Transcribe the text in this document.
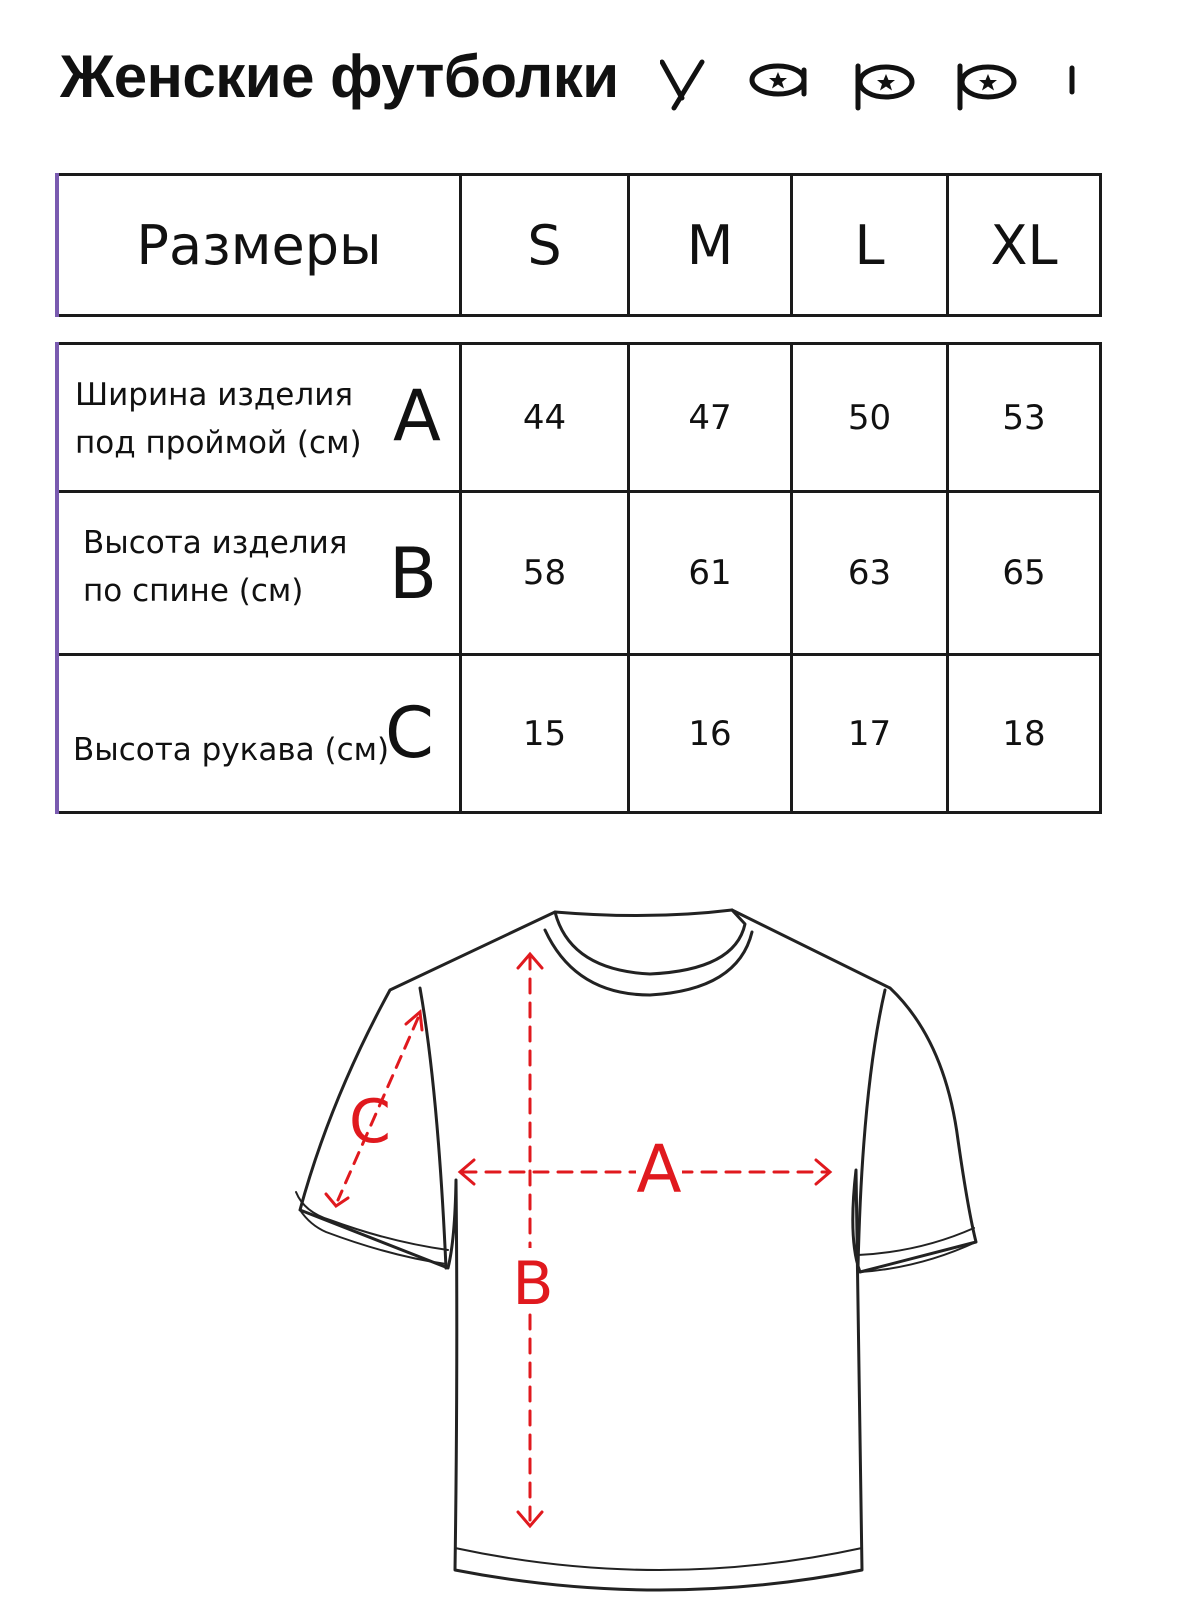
Женские футболки
Размеры	S	M	L	XL
Ширина изделия
под проймой (см) A	44	47	50	53

Высота изделия
по спине (см) B	58	61	63	65

Высота рукава (см)
C	15	16	17	18
A
B
C
